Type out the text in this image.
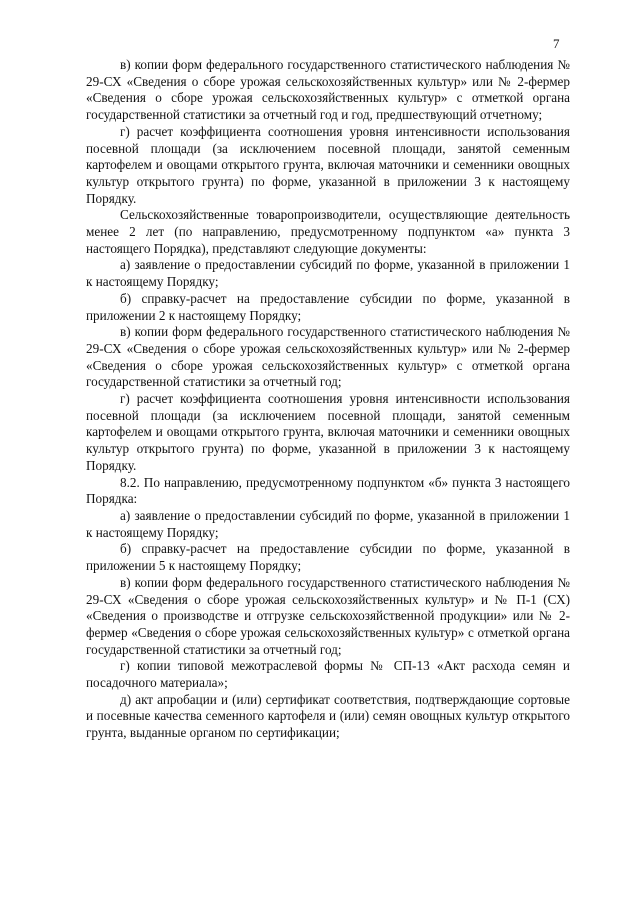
7

в) копии форм федерального государственного статистического наблюдения № 29-СХ «Сведения о сборе урожая сельскохозяйственных культур» или № 2-фермер «Сведения о сборе урожая сельскохозяйственных культур» с отметкой органа государственной статистики за отчетный год и год, предшествующий отчетному;

г) расчет коэффициента соотношения уровня интенсивности использования посевной площади (за исключением посевной площади, занятой семенным картофелем и овощами открытого грунта, включая маточники и семенники овощных культур открытого грунта) по форме, указанной в приложении 3 к настоящему Порядку.

Сельскохозяйственные товаропроизводители, осуществляющие деятельность менее 2 лет (по направлению, предусмотренному подпунктом «а» пункта 3 настоящего Порядка), представляют следующие документы:

а) заявление о предоставлении субсидий по форме, указанной в приложении 1 к настоящему Порядку;

б) справку-расчет на предоставление субсидии по форме, указанной в приложении 2 к настоящему Порядку;

в) копии форм федерального государственного статистического наблюдения № 29-СХ «Сведения о сборе урожая сельскохозяйственных культур» или № 2-фермер «Сведения о сборе урожая сельскохозяйственных культур» с отметкой органа государственной статистики за отчетный год;

г) расчет коэффициента соотношения уровня интенсивности использования посевной площади (за исключением посевной площади, занятой семенным картофелем и овощами открытого грунта, включая маточники и семенники овощных культур открытого грунта) по форме, указанной в приложении 3 к настоящему Порядку.

8.2. По направлению, предусмотренному подпунктом «б» пункта 3 настоящего Порядка:

а) заявление о предоставлении субсидий по форме, указанной в приложении 1 к настоящему Порядку;

б) справку-расчет на предоставление субсидии по форме, указанной в приложении 5 к настоящему Порядку;

в) копии форм федерального государственного статистического наблюдения № 29-СХ «Сведения о сборе урожая сельскохозяйственных культур» и № П-1 (СХ) «Сведения о производстве и отгрузке сельскохозяйственной продукции» или № 2-фермер «Сведения о сборе урожая сельскохозяйственных культур» с отметкой органа государственной статистики за отчетный год;

г) копии типовой межотраслевой формы № СП-13 «Акт расхода семян и посадочного материала»;

д) акт апробации и (или) сертификат соответствия, подтверждающие сортовые и посевные качества семенного картофеля и (или) семян овощных культур открытого грунта, выданные органом по сертификации;
